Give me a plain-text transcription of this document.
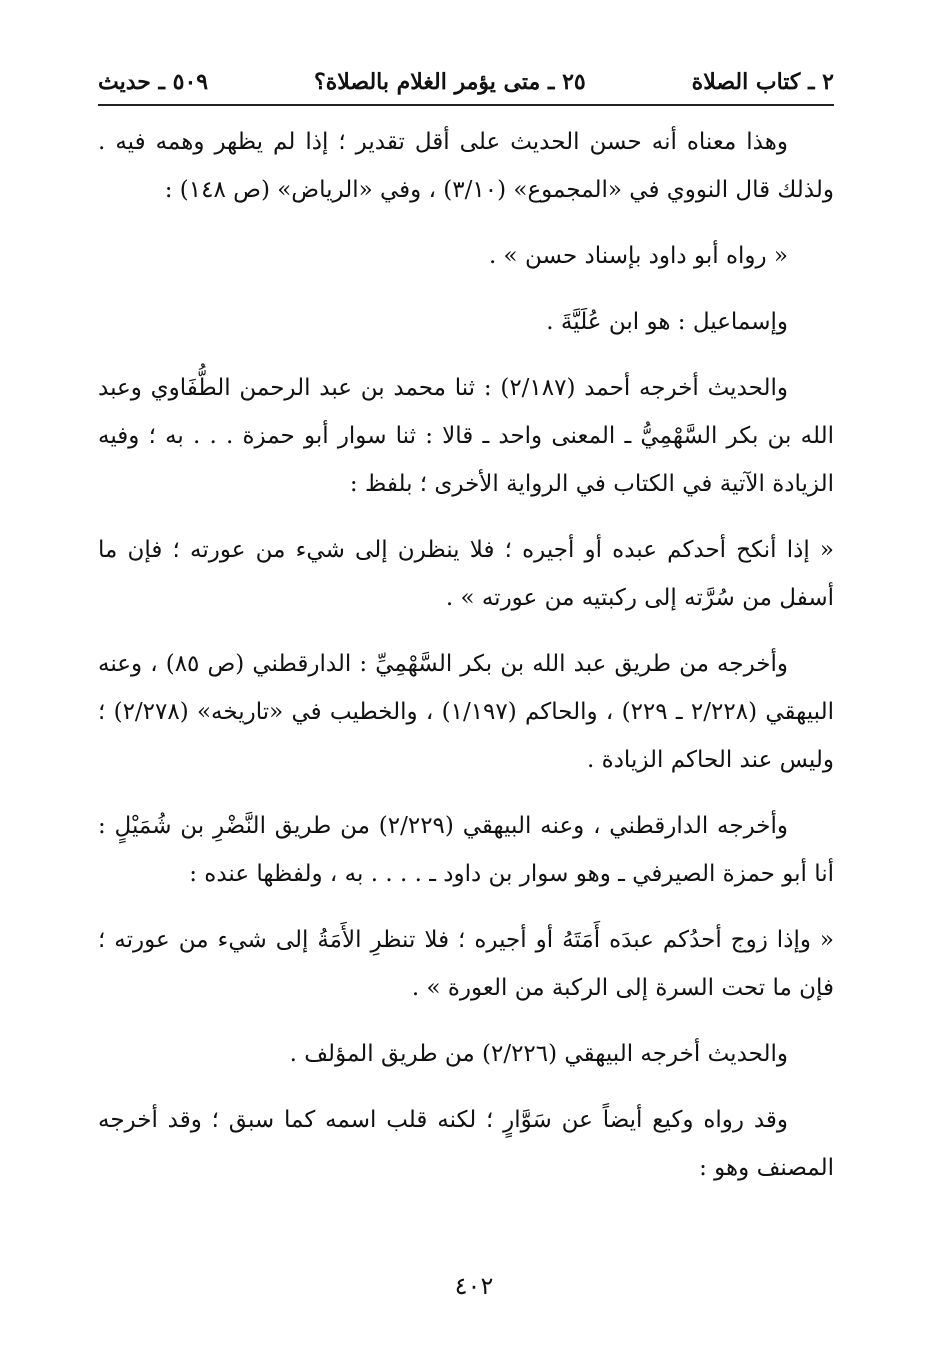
٢ ـ كتاب الصلاة
٢٥ ـ متى يؤمر الغلام بالصلاة؟
٥٠٩ ـ حديث

وهذا معناه أنه حسن الحديث على أقل تقدير ؛ إذا لم يظهر وهمه فيه . ولذلك قال النووي في «المجموع» (٣/١٠) ، وفي «الرياض» (ص ١٤٨) :

« رواه أبو داود بإسناد حسن » .

وإسماعيل : هو ابن عُلَيَّةَ .

والحديث أخرجه أحمد (٢/١٨٧) : ثنا محمد بن عبد الرحمن الطُّفَاوي وعبد الله بن بكر السَّهْمِيُّ ـ المعنى واحد ـ قالا : ثنا سوار أبو حمزة . . . به ؛ وفيه الزيادة الآتية في الكتاب في الرواية الأخرى ؛ بلفظ :

« إذا أنكح أحدكم عبده أو أجيره ؛ فلا ينظرن إلى شيء من عورته ؛ فإن ما أسفل من سُرَّته إلى ركبتيه من عورته » .

وأخرجه من طريق عبد الله بن بكر السَّهْمِيِّ : الدارقطني (ص ٨٥) ، وعنه البيهقي (٢/٢٢٨ ـ ٢٢٩) ، والحاكم (١/١٩٧) ، والخطيب في «تاريخه» (٢/٢٧٨) ؛ وليس عند الحاكم الزيادة .

وأخرجه الدارقطني ، وعنه البيهقي (٢/٢٢٩) من طريق النَّضْرِ بن شُمَيْلٍ : أنا أبو حمزة الصيرفي ـ وهو سوار بن داود ـ . . . . به ، ولفظها عنده :

« وإذا زوج أحدُكم عبدَه أَمَتَهُ أو أجيره ؛ فلا تنظرِ الأَمَةُ إلى شيء من عورته ؛ فإن ما تحت السرة إلى الركبة من العورة » .

والحديث أخرجه البيهقي (٢/٢٢٦) من طريق المؤلف .

وقد رواه وكيع أيضاً عن سَوَّارٍ ؛ لكنه قلب اسمه كما سبق ؛ وقد أخرجه المصنف وهو :

٤٠٢
